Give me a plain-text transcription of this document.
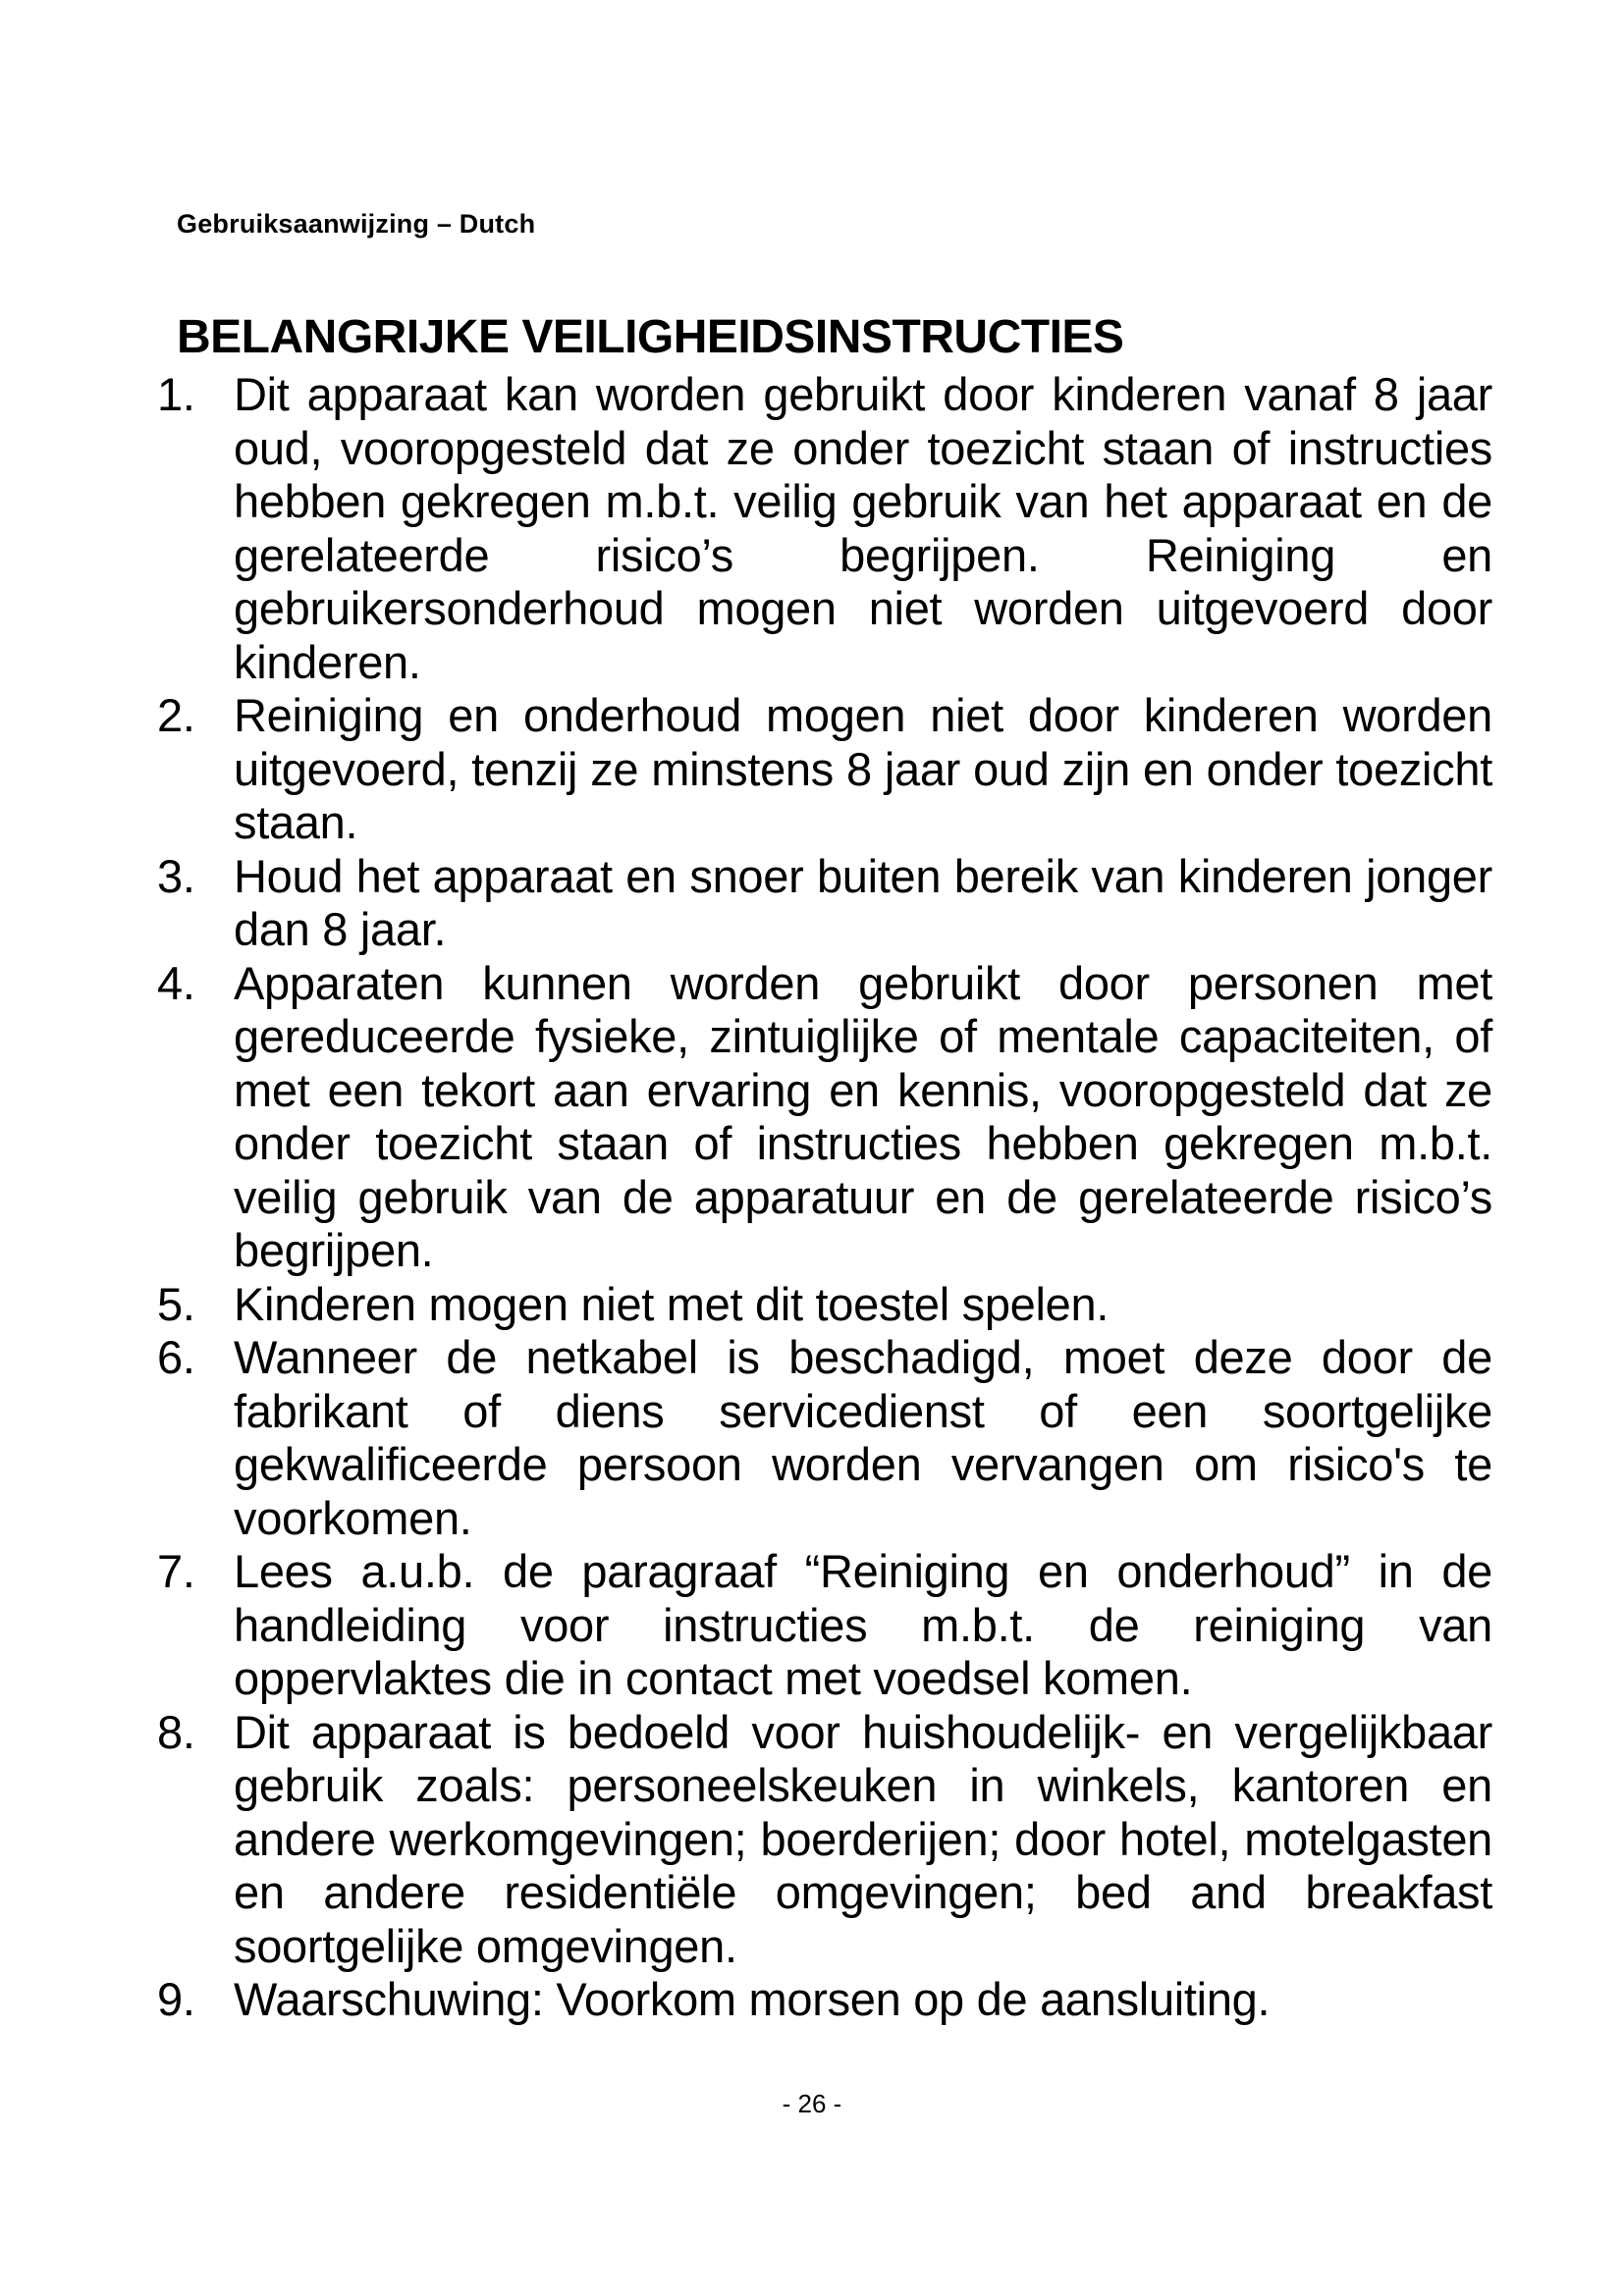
Gebruiksaanwijzing – Dutch
BELANGRIJKE VEILIGHEIDSINSTRUCTIES
1. Dit apparaat kan worden gebruikt door kinderen vanaf 8 jaar oud, vooropgesteld dat ze onder toezicht staan of instructies hebben gekregen m.b.t. veilig gebruik van het apparaat en de gerelateerde risico’s begrijpen. Reiniging en gebruikersonderhoud mogen niet worden uitgevoerd door kinderen.
2. Reiniging en onderhoud mogen niet door kinderen worden uitgevoerd, tenzij ze minstens 8 jaar oud zijn en onder toezicht staan.
3. Houd het apparaat en snoer buiten bereik van kinderen jonger dan 8 jaar.
4. Apparaten kunnen worden gebruikt door personen met gereduceerde fysieke, zintuiglijke of mentale capaciteiten, of met een tekort aan ervaring en kennis, vooropgesteld dat ze onder toezicht staan of instructies hebben gekregen m.b.t. veilig gebruik van de apparatuur en de gerelateerde risico’s begrijpen.
5. Kinderen mogen niet met dit toestel spelen.
6. Wanneer de netkabel is beschadigd, moet deze door de fabrikant of diens servicedienst of een soortgelijke gekwalificeerde persoon worden vervangen om risico's te voorkomen.
7. Lees a.u.b. de paragraaf “Reiniging en onderhoud” in de handleiding voor instructies m.b.t. de reiniging van oppervlaktes die in contact met voedsel komen.
8. Dit apparaat is bedoeld voor huishoudelijk- en vergelijkbaar gebruik zoals: personeelskeuken in winkels, kantoren en andere werkomgevingen; boerderijen; door hotel, motelgasten en andere residentiële omgevingen; bed and breakfast soortgelijke omgevingen.
9. Waarschuwing: Voorkom morsen op de aansluiting.
- 26 -
